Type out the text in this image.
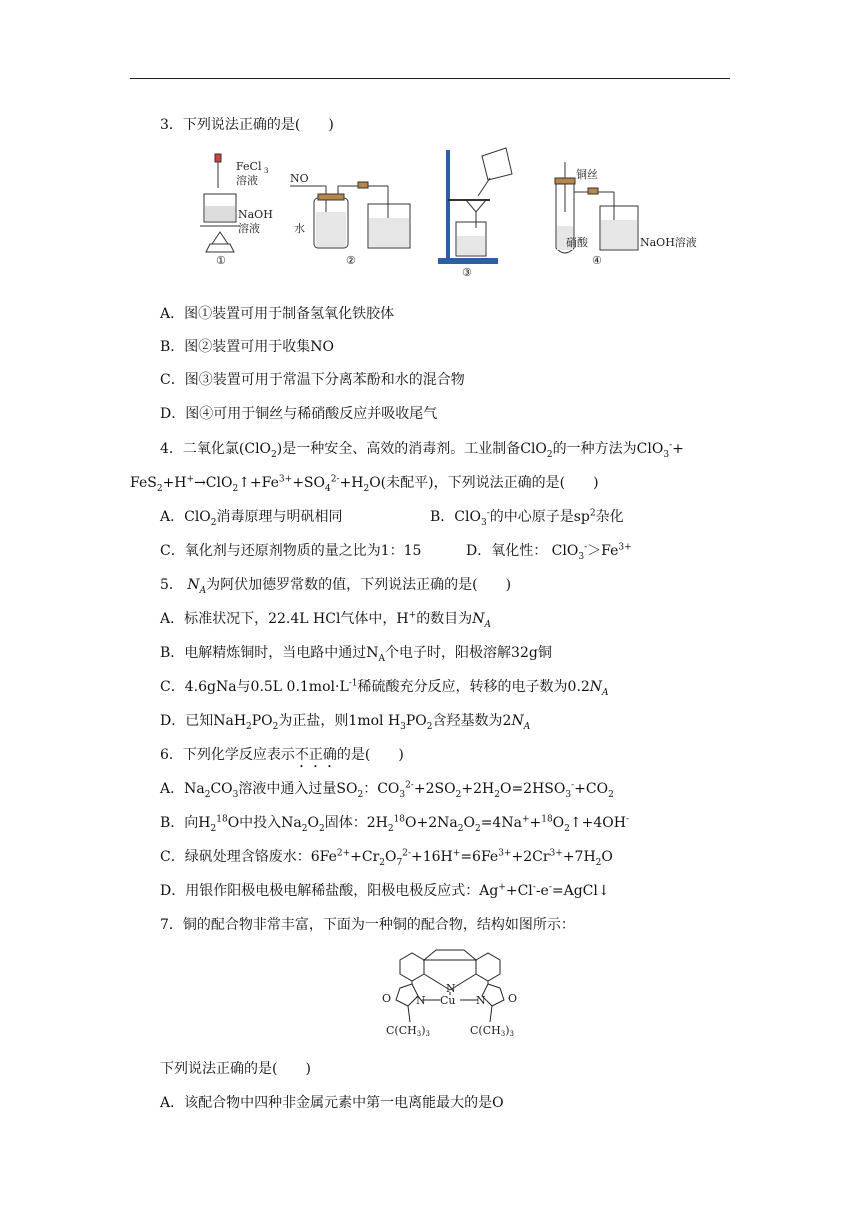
3．下列说法正确的是(　　)
FeCl 3
溶液
NaOH
溶液
①
NO
水
②
③
铜丝
硝酸	NaOH溶液
④
A．图①装置可用于制备氢氧化铁胶体
B．图②装置可用于收集NO
C．图③装置可用于常温下分离苯酚和水的混合物
D．图④可用于铜丝与稀硝酸反应并吸收尾气
4．二氧化氯(ClO$_2$)是一种安全、高效的消毒剂。工业制备ClO$_2$的一种方法为ClO$_3$-+
$FeS_2+H^+\to ClO_2↑+Fe^{3+}+SO_4^{2-}+H_2O$(未配平)，下列说法正确的是(　　)
A．ClO$_2$消毒原理与明矾相同	B．ClO$_3$-的中心原子是$sp^2$杂化
C．氧化剂与还原剂物质的量之比为1：15	D．氧化性： $ClO_3^->Fe^{3+}$
5． $N_A$为阿伏加德罗常数的值，下列说法正确的是(　　)
A．标准状况下，22.4L HCl气体中，H+的数目为$N_A$
B．电解精炼铜时，当电路中通过$N_A$个电子时，阳极溶解32g铜
C．4.6gNa与0.5L $0.1mol\cdot L^{-1}$稀硫酸充分反应，转移的电子数为$0.2N_A$
D．已知$NaH_2PO_2$为正盐，则1mol $H_3PO_2$含羟基数为$2N_A$
6．下列化学反应表示不正确的是(　　)
A．$Na_2CO_3$溶液中通入过量$SO_2$：$CO_3^{2-}+2SO_2+2H_2O=2HSO_3^-+CO_2$
B．向$H_2^{18}O$中投入$Na_2O_2$固体：$2H_2^{18}O+2Na_2O_2=4Na^++^{18}O_2↑+4OH^-$
C．绿矾处理含铬废水：$6Fe^{2+}+Cr_2O_7^{2-}+16H^+=6Fe^{3+}+2Cr^{3+}+7H_2O$
D．用银作阳极电极电解稀盐酸，阳极电极反应式：Ag++Cl--e-=AgCl↓
7．铜的配合物非常丰富，下面为一种铜的配合物，结构如图所示：
O	O
N	N
N
Cu
C(CH3)3	C(CH3)3
下列说法正确的是(　　)
A．该配合物中四种非金属元素中第一电离能最大的是O
